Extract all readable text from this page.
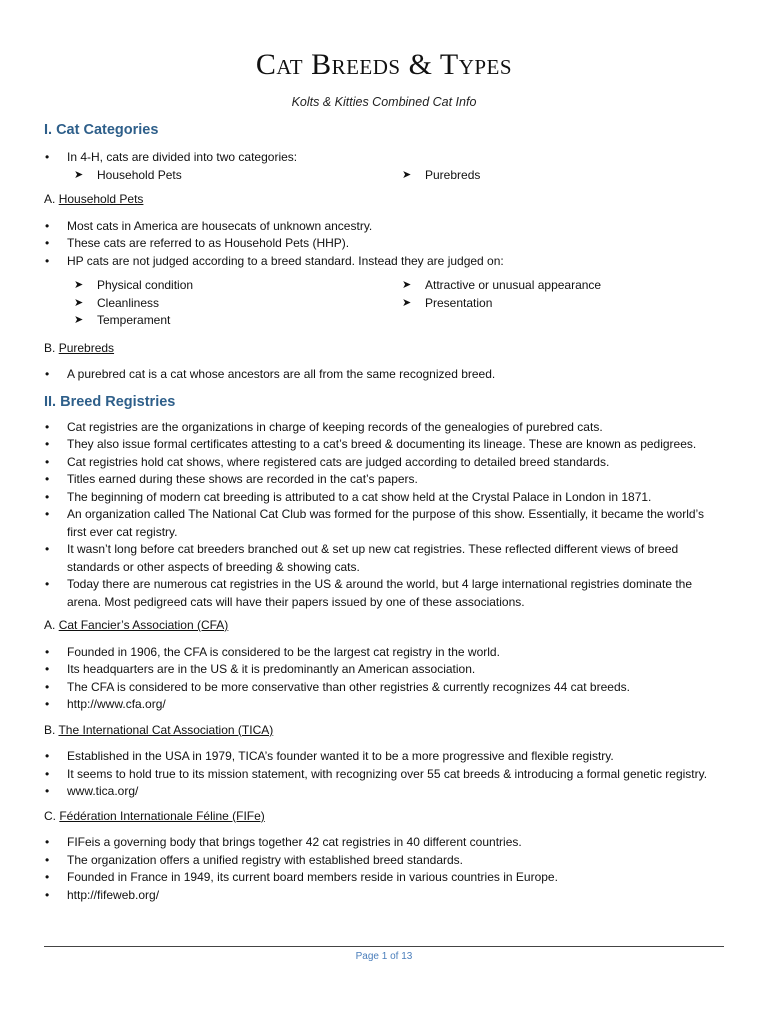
Cat Breeds & Types
Kolts & Kitties Combined Cat Info
I. Cat Categories
• In 4-H, cats are divided into two categories:
➤ Household Pets	➤ Purebreds
A. Household Pets
• Most cats in America are housecats of unknown ancestry.
• These cats are referred to as Household Pets (HHP).
• HP cats are not judged according to a breed standard. Instead they are judged on:
➤ Physical condition
➤ Cleanliness
➤ Temperament
➤ Attractive or unusual appearance
➤ Presentation
B. Purebreds
• A purebred cat is a cat whose ancestors are all from the same recognized breed.
II. Breed Registries
• Cat registries are the organizations in charge of keeping records of the genealogies of purebred cats.
• They also issue formal certificates attesting to a cat’s breed & documenting its lineage. These are known as pedigrees.
• Cat registries hold cat shows, where registered cats are judged according to detailed breed standards.
• Titles earned during these shows are recorded in the cat’s papers.
• The beginning of modern cat breeding is attributed to a cat show held at the Crystal Palace in London in 1871.
• An organization called The National Cat Club was formed for the purpose of this show. Essentially, it became the world’s first ever cat registry.
• It wasn’t long before cat breeders branched out & set up new cat registries. These reflected different views of breed standards or other aspects of breeding & showing cats.
• Today there are numerous cat registries in the US & around the world, but 4 large international registries dominate the arena. Most pedigreed cats will have their papers issued by one of these associations.
A. Cat Fancier’s Association (CFA)
• Founded in 1906, the CFA is considered to be the largest cat registry in the world.
• Its headquarters are in the US & it is predominantly an American association.
• The CFA is considered to be more conservative than other registries & currently recognizes 44 cat breeds.
• http://www.cfa.org/
B. The International Cat Association (TICA)
• Established in the USA in 1979, TICA’s founder wanted it to be a more progressive and flexible registry.
• It seems to hold true to its mission statement, with recognizing over 55 cat breeds & introducing a formal genetic registry.
• www.tica.org/
C. Fédération Internationale Féline (FIFe)
• FIFeis a governing body that brings together 42 cat registries in 40 different countries.
• The organization offers a unified registry with established breed standards.
• Founded in France in 1949, its current board members reside in various countries in Europe.
• http://fifeweb.org/
Page 1 of 13
